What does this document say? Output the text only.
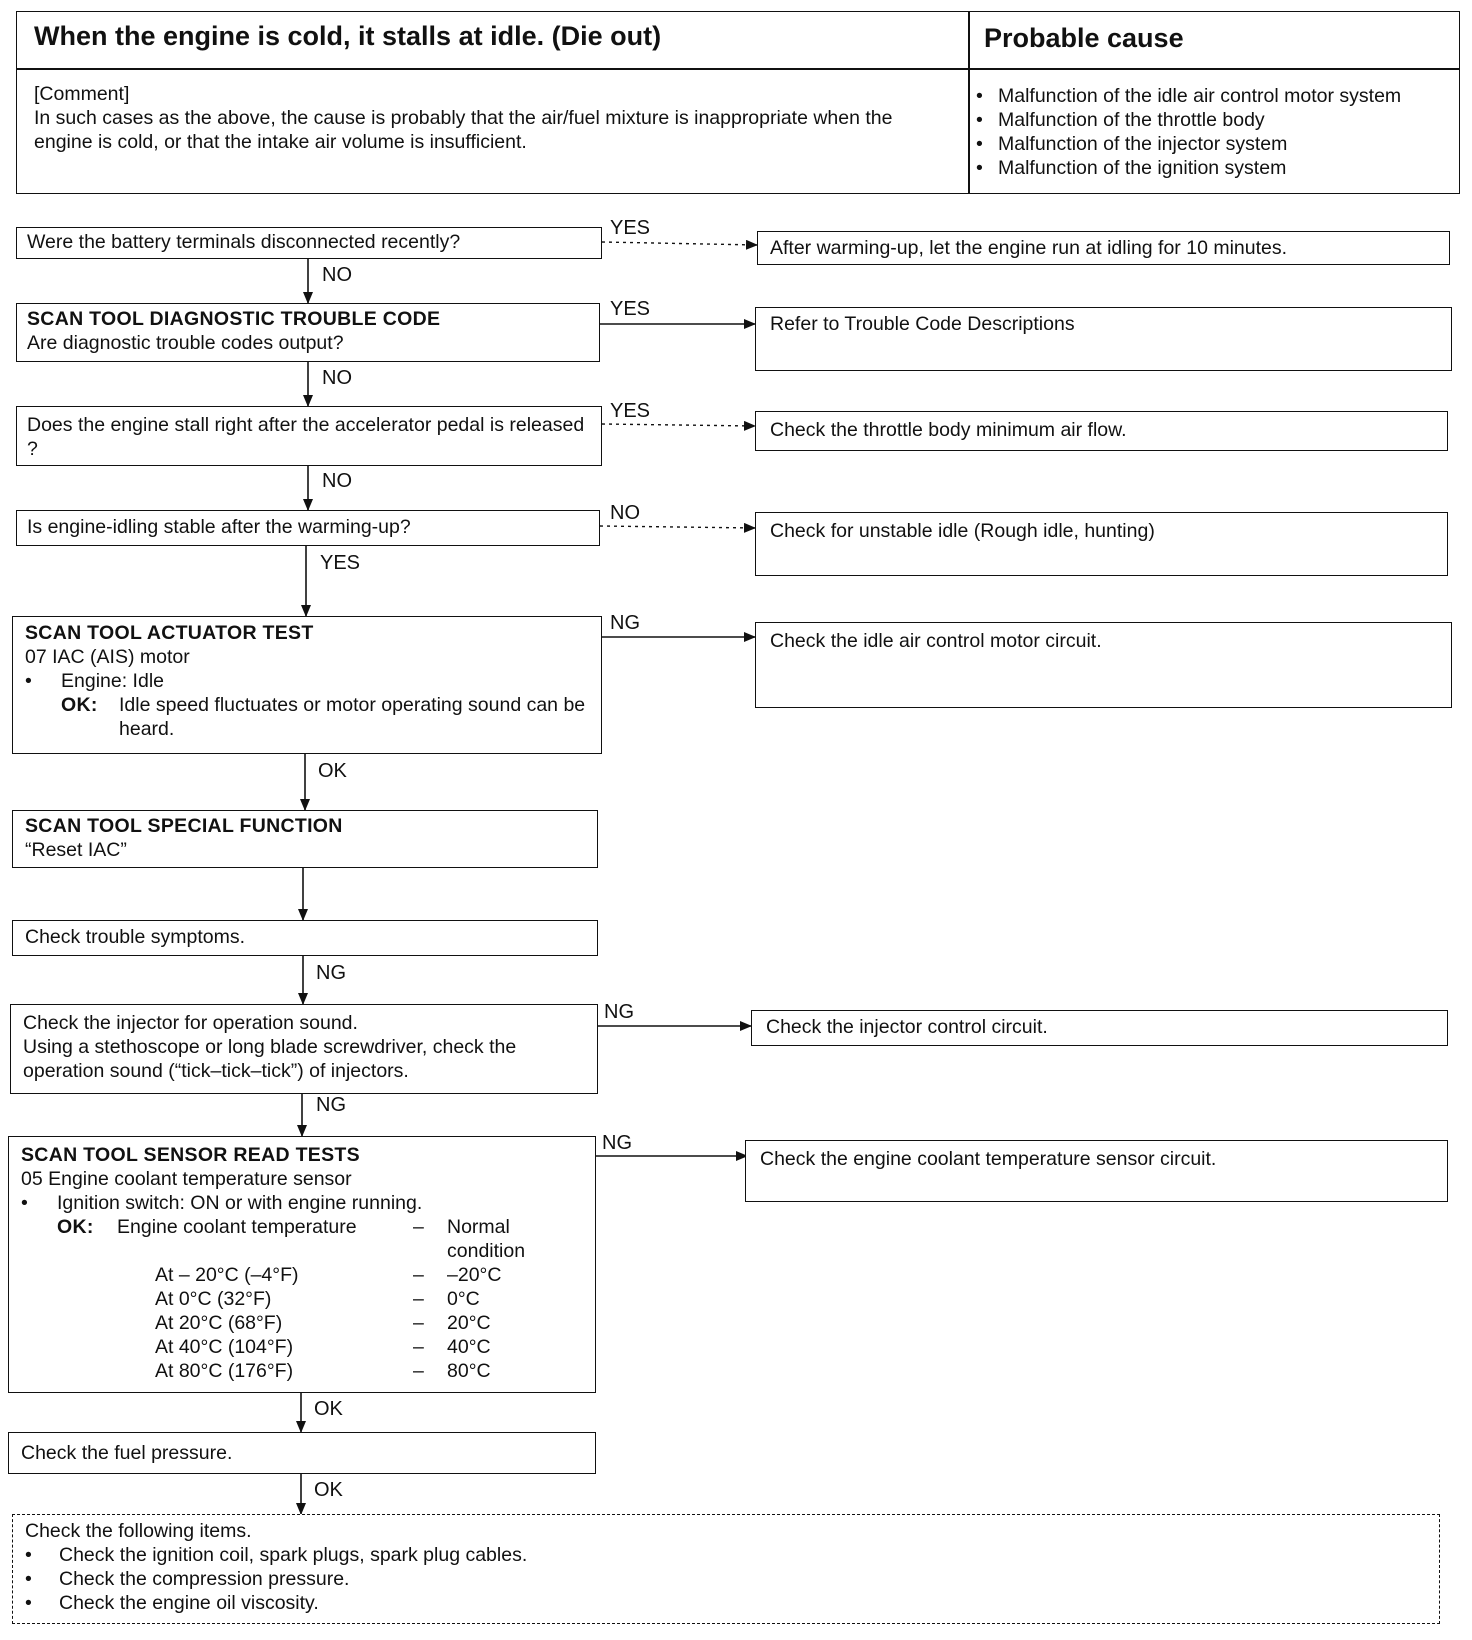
When the engine is cold, it stalls at idle. (Die out)	Probable cause
[Comment]
In such cases as the above, the cause is probably that the air/fuel mixture is inappropriate when the engine is cold, or that the intake air volume is insufficient.
• Malfunction of the idle air control motor system
• Malfunction of the throttle body
• Malfunction of the injector system
• Malfunction of the ignition system
Were the battery terminals disconnected recently?
SCAN TOOL DIAGNOSTIC TROUBLE CODE
Are diagnostic trouble codes output?
Does the engine stall right after the accelerator pedal is released ?
Is engine-idling stable after the warming-up?
SCAN TOOL ACTUATOR TEST
07 IAC (AIS) motor
•	Engine: Idle
OK:	Idle speed fluctuates or motor operating sound can be heard.
SCAN TOOL SPECIAL FUNCTION
“Reset IAC”
Check trouble symptoms.
Check the injector for operation sound.
Using a stethoscope or long blade screwdriver, check the operation sound (“tick–tick–tick”) of injectors.
SCAN TOOL SENSOR READ TESTS
05 Engine coolant temperature sensor
•	Ignition switch: ON or with engine running.
OK:	Engine coolant temperature	–	Normal condition
At – 20°C (–4°F)	–	–20°C
At 0°C (32°F)	–	0°C
At 20°C (68°F)	–	20°C
At 40°C (104°F)	–	40°C
At 80°C (176°F)	–	80°C
Check the fuel pressure.
Check the following items.
•	Check the ignition coil, spark plugs, spark plug cables.
•	Check the compression pressure.
•	Check the engine oil viscosity.
After warming-up, let the engine run at idling for 10 minutes.
Refer to Trouble Code Descriptions
Check the throttle body minimum air flow.
Check for unstable idle (Rough idle, hunting)
Check the idle air control motor circuit.
Check the injector control circuit.
Check the engine coolant temperature sensor circuit.
YES
NO
YES
NO
YES
NO
NO
YES
NG
OK
NG
NG
NG
NG
OK
OK
